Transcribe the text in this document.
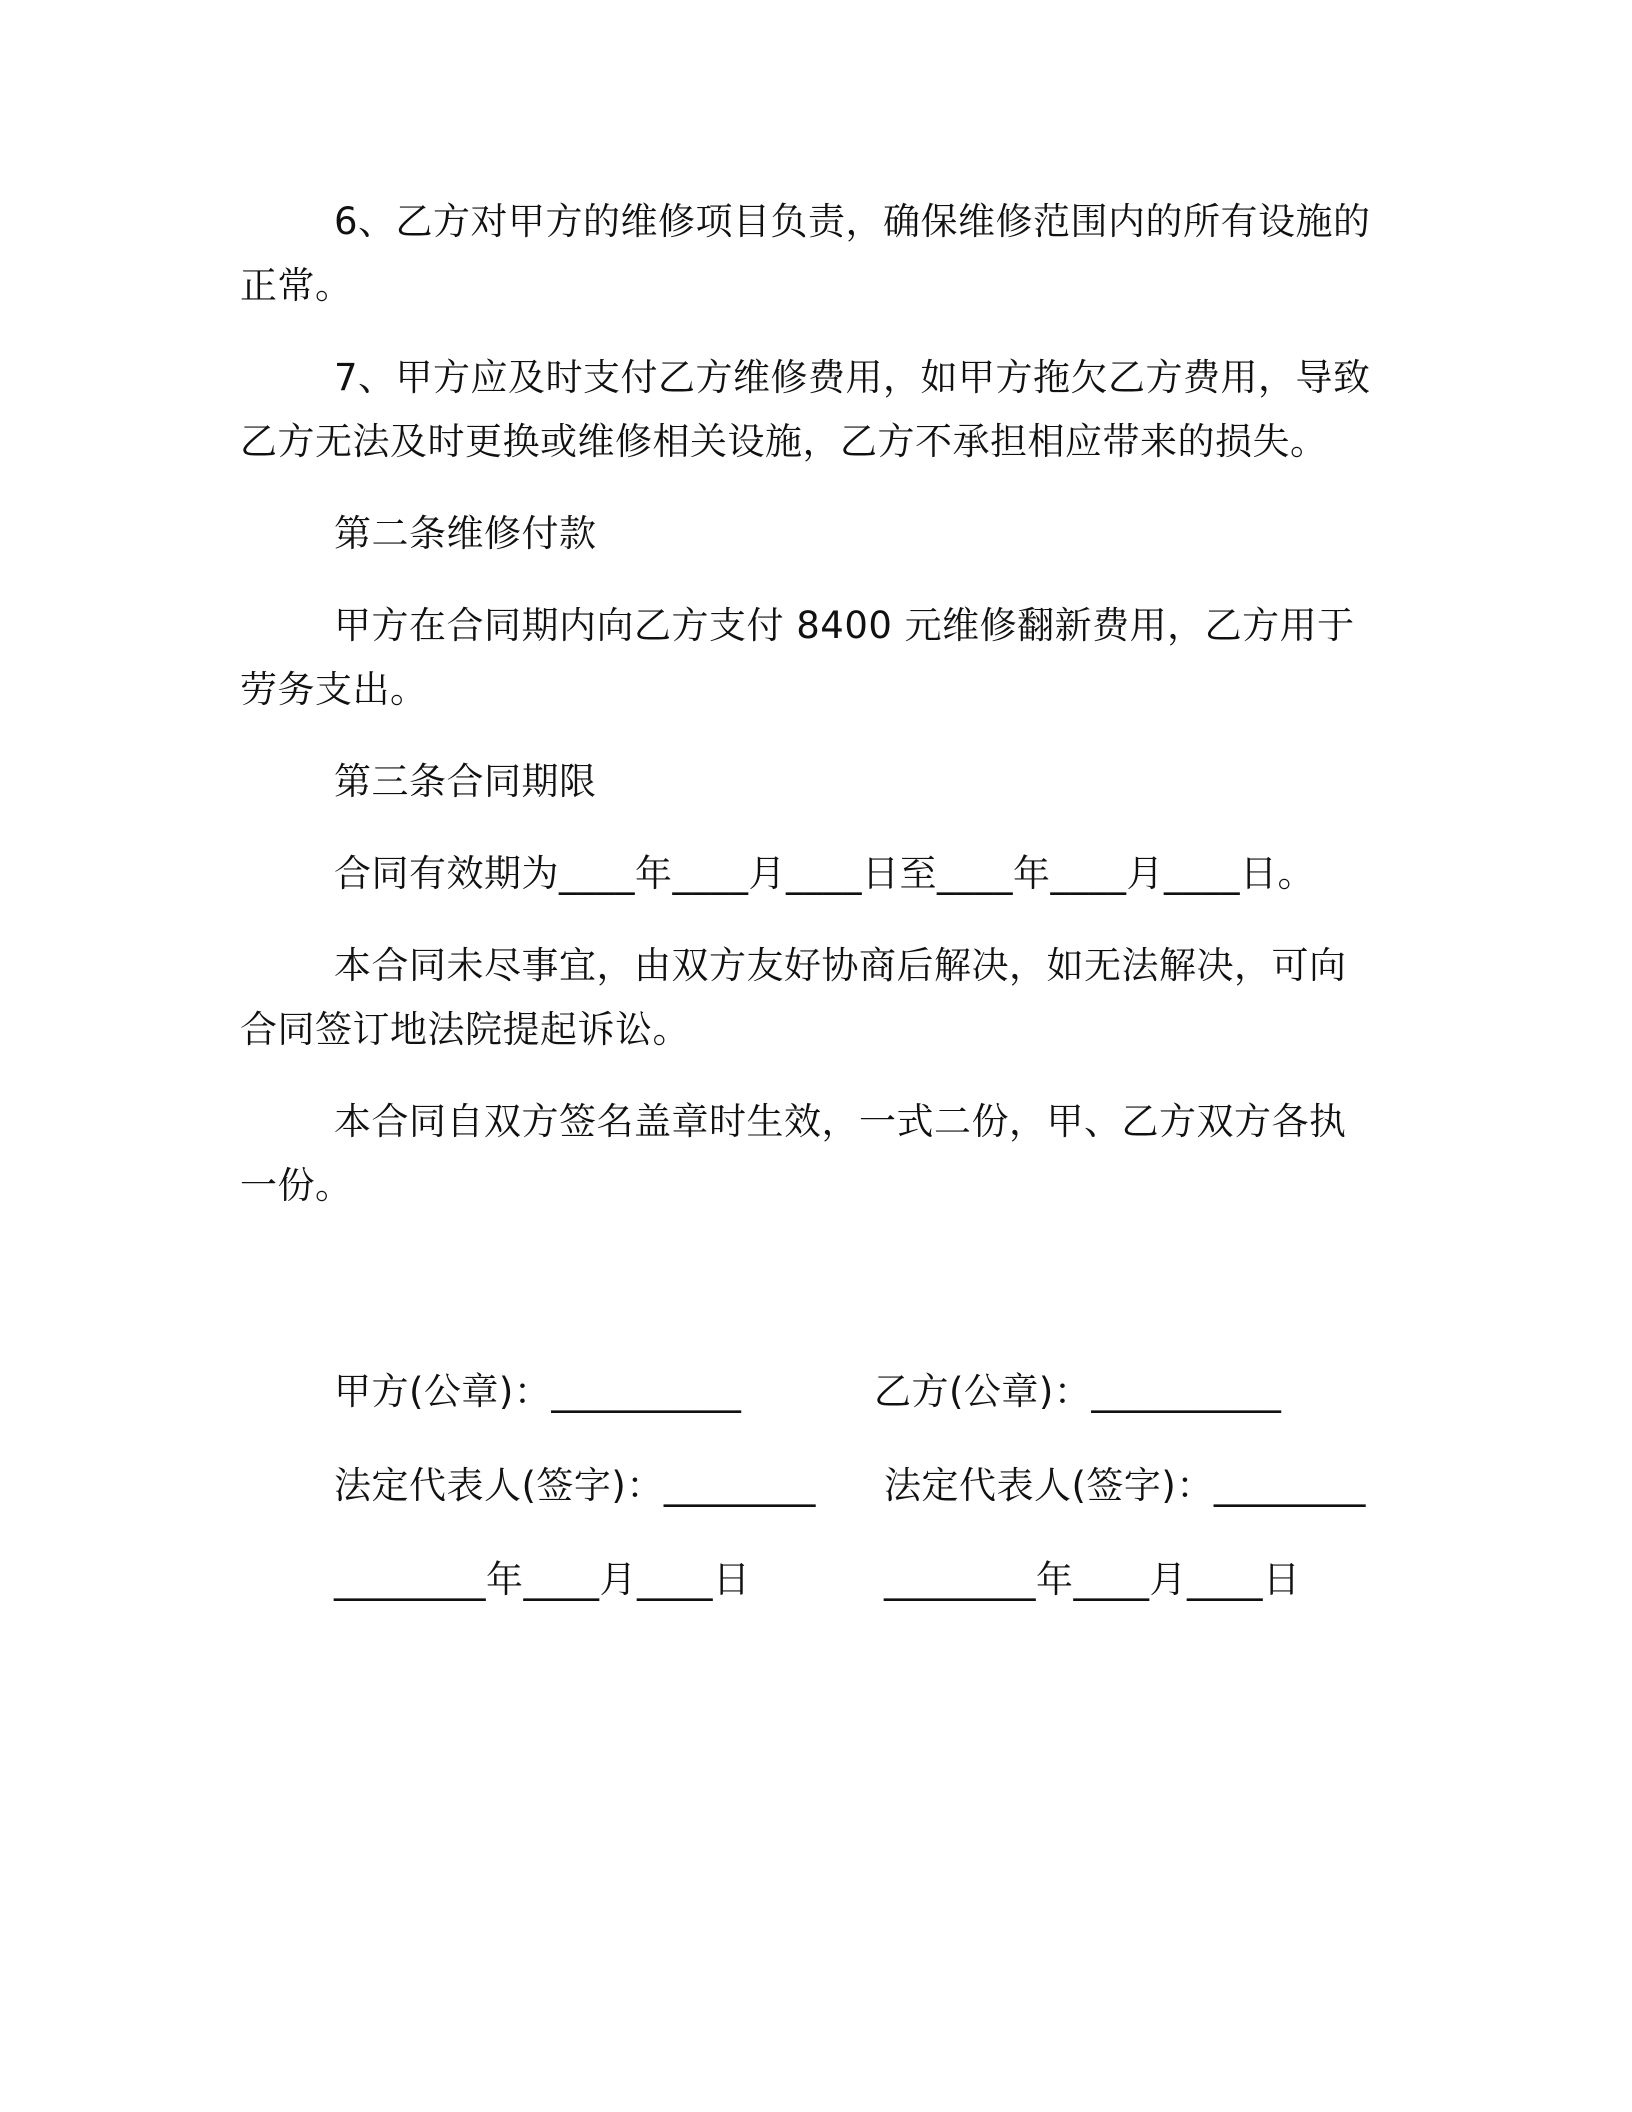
6、乙方对甲方的维修项目负责，确保维修范围内的所有设施的正常。

7、甲方应及时支付乙方维修费用，如甲方拖欠乙方费用，导致乙方无法及时更换或维修相关设施，乙方不承担相应带来的损失。

第二条维修付款

甲方在合同期内向乙方支付 8400 元维修翻新费用，乙方用于劳务支出。

第三条合同期限

合同有效期为____年____月____日至____年____月____日。

本合同未尽事宜，由双方友好协商后解决，如无法解决，可向合同签订地法院提起诉讼。

本合同自双方签名盖章时生效，一式二份，甲、乙方双方各执一份。

甲方(公章)：__________	乙方(公章)：__________
法定代表人(签字)：________ 法定代表人(签字)：________
________年____月____日	________年____月____日
